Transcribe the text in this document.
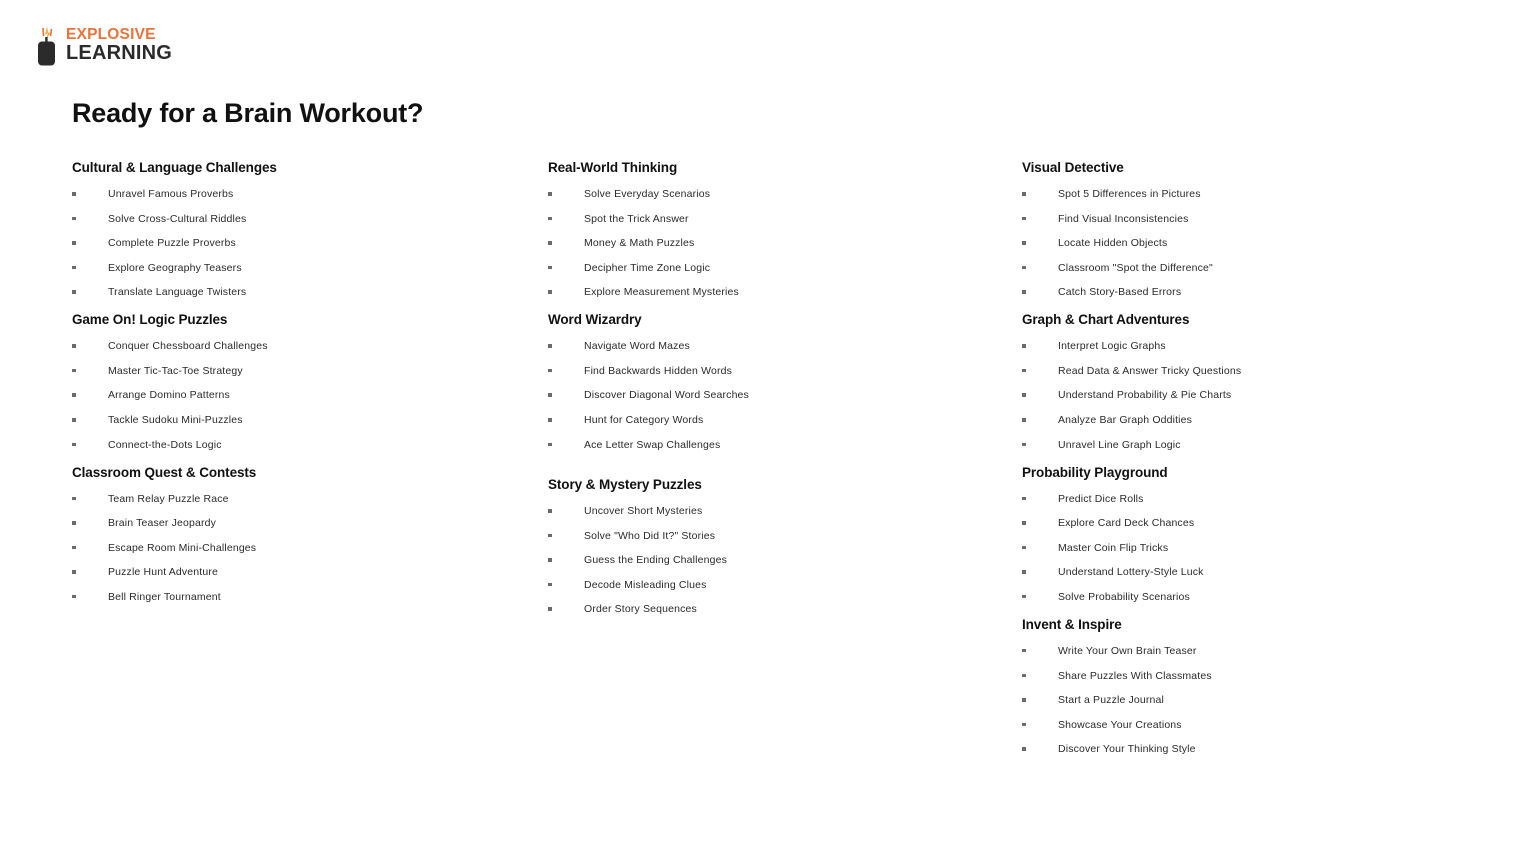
EXPLOSIVE
LEARNING
Ready for a Brain Workout?
Cultural & Language Challenges
Unravel Famous Proverbs
Solve Cross-Cultural Riddles
Complete Puzzle Proverbs
Explore Geography Teasers
Translate Language Twisters
Game On! Logic Puzzles
Conquer Chessboard Challenges
Master Tic-Tac-Toe Strategy
Arrange Domino Patterns
Tackle Sudoku Mini-Puzzles
Connect-the-Dots Logic
Classroom Quest & Contests
Team Relay Puzzle Race
Brain Teaser Jeopardy
Escape Room Mini-Challenges
Puzzle Hunt Adventure
Bell Ringer Tournament
Real-World Thinking
Solve Everyday Scenarios
Spot the Trick Answer
Money & Math Puzzles
Decipher Time Zone Logic
Explore Measurement Mysteries
Word Wizardry
Navigate Word Mazes
Find Backwards Hidden Words
Discover Diagonal Word Searches
Hunt for Category Words
Ace Letter Swap Challenges
Story & Mystery Puzzles
Uncover Short Mysteries
Solve "Who Did It?" Stories
Guess the Ending Challenges
Decode Misleading Clues
Order Story Sequences
Visual Detective
Spot 5 Differences in Pictures
Find Visual Inconsistencies
Locate Hidden Objects
Classroom "Spot the Difference"
Catch Story-Based Errors
Graph & Chart Adventures
Interpret Logic Graphs
Read Data & Answer Tricky Questions
Understand Probability & Pie Charts
Analyze Bar Graph Oddities
Unravel Line Graph Logic
Probability Playground
Predict Dice Rolls
Explore Card Deck Chances
Master Coin Flip Tricks
Understand Lottery-Style Luck
Solve Probability Scenarios
Invent & Inspire
Write Your Own Brain Teaser
Share Puzzles With Classmates
Start a Puzzle Journal
Showcase Your Creations
Discover Your Thinking Style
